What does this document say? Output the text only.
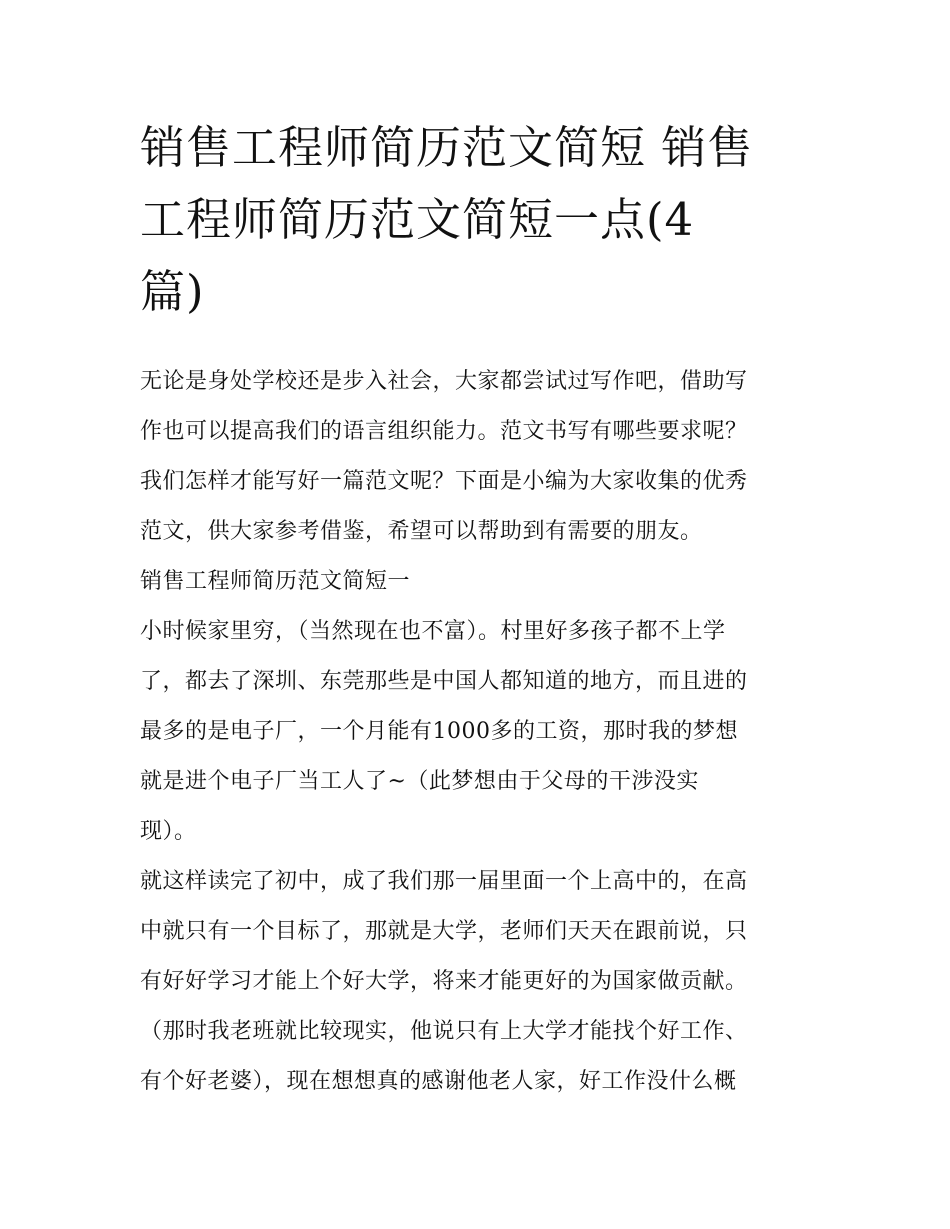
销售工程师简历范文简短 销售
工程师简历范文简短一点(4
篇)
无论是身处学校还是步入社会，大家都尝试过写作吧，借助写
作也可以提高我们的语言组织能力。范文书写有哪些要求呢？
我们怎样才能写好一篇范文呢？下面是小编为大家收集的优秀
范文，供大家参考借鉴，希望可以帮助到有需要的朋友。
销售工程师简历范文简短一
小时候家里穷，（当然现在也不富）。村里好多孩子都不上学
了，都去了深圳、东莞那些是中国人都知道的地方，而且进的
最多的是电子厂，一个月能有1000多的工资，那时我的梦想
就是进个电子厂当工人了~（此梦想由于父母的干涉没实
现）。
就这样读完了初中，成了我们那一届里面一个上高中的，在高
中就只有一个目标了，那就是大学，老师们天天在跟前说，只
有好好学习才能上个好大学，将来才能更好的为国家做贡献。
（那时我老班就比较现实，他说只有上大学才能找个好工作、
有个好老婆），现在想想真的感谢他老人家，好工作没什么概
